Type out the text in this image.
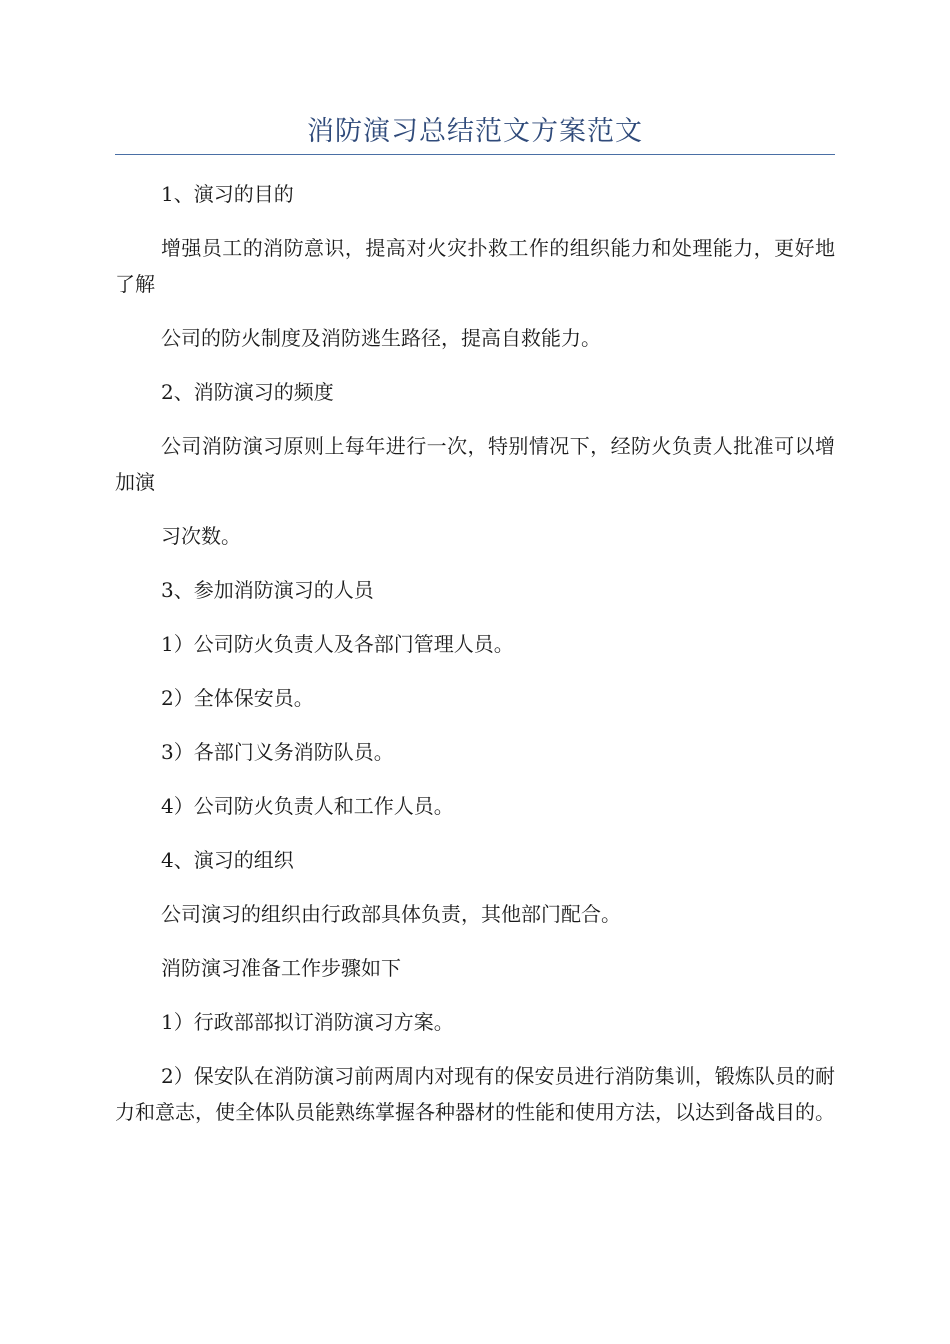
消防演习总结范文方案范文

1、演习的目的

增强员工的消防意识，提高对火灾扑救工作的组织能力和处理能力，更好地了解

公司的防火制度及消防逃生路径，提高自救能力。

2、消防演习的频度

公司消防演习原则上每年进行一次，特别情况下，经防火负责人批准可以增加演

习次数。

3、参加消防演习的人员

1）公司防火负责人及各部门管理人员。

2）全体保安员。

3）各部门义务消防队员。

4）公司防火负责人和工作人员。

4、演习的组织

公司演习的组织由行政部具体负责，其他部门配合。

消防演习准备工作步骤如下

1）行政部部拟订消防演习方案。

2）保安队在消防演习前两周内对现有的保安员进行消防集训，锻炼队员的耐力和意志，使全体队员能熟练掌握各种器材的性能和使用方法，以达到备战目的。
